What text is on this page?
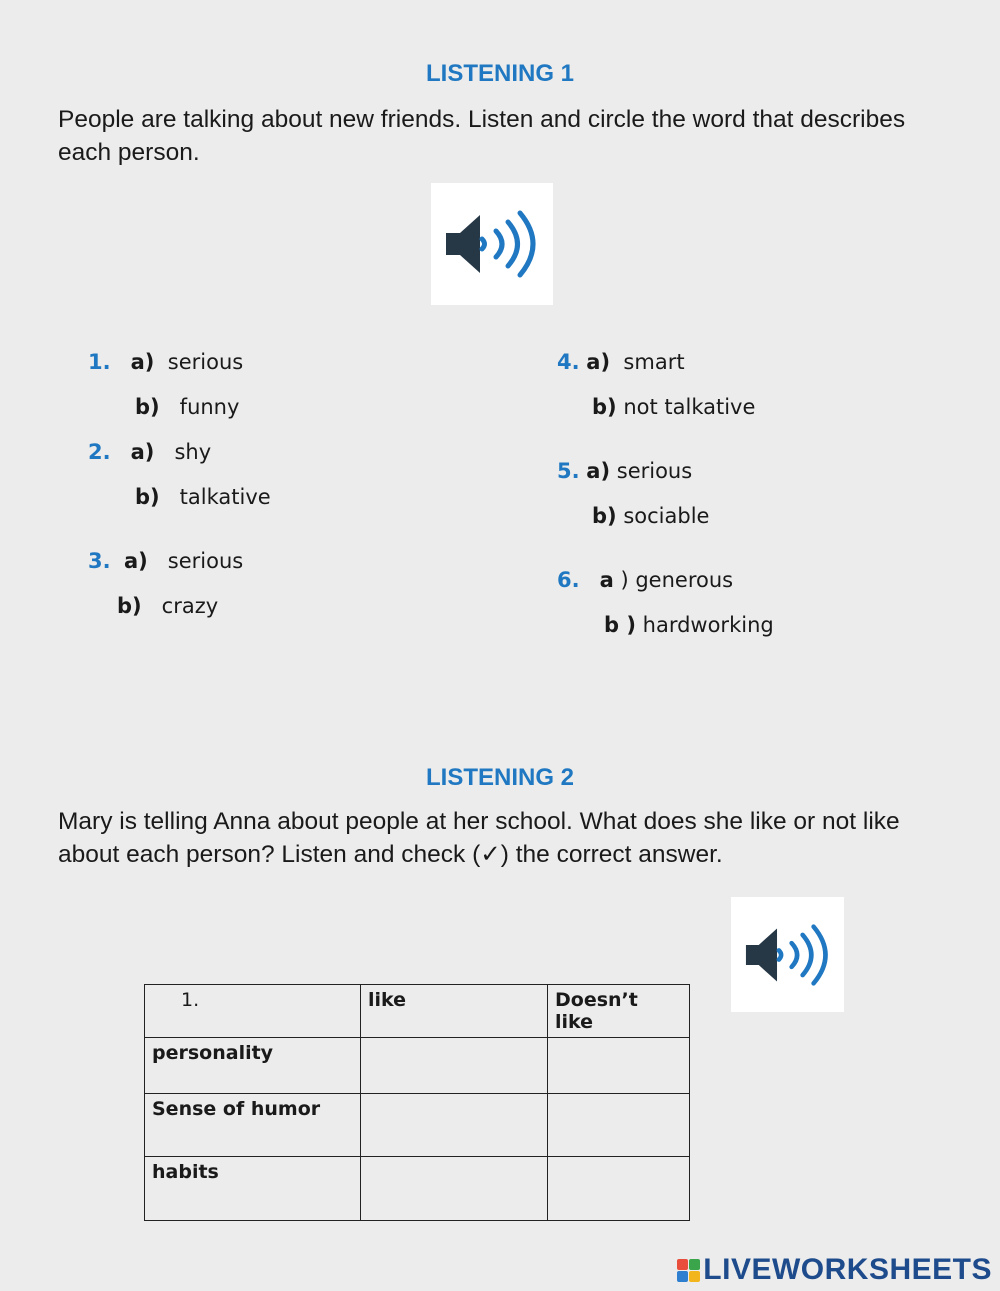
LISTENING 1
People are talking about new friends. Listen and circle the word that describes each person.
1. a) serious
b) funny
2. a) shy
b) talkative
3. a) serious
b) crazy
4. a) smart
b) not talkative
5. a) serious
b) sociable
6. a ) generous
b ) hardworking
LISTENING 2
Mary is telling Anna about people at her school. What does she like or not like about each person? Listen and check (✓) the correct answer.
1.	like	Doesn’t like
personality		
Sense of humor		
habits		
LIVEWORKSHEETS
